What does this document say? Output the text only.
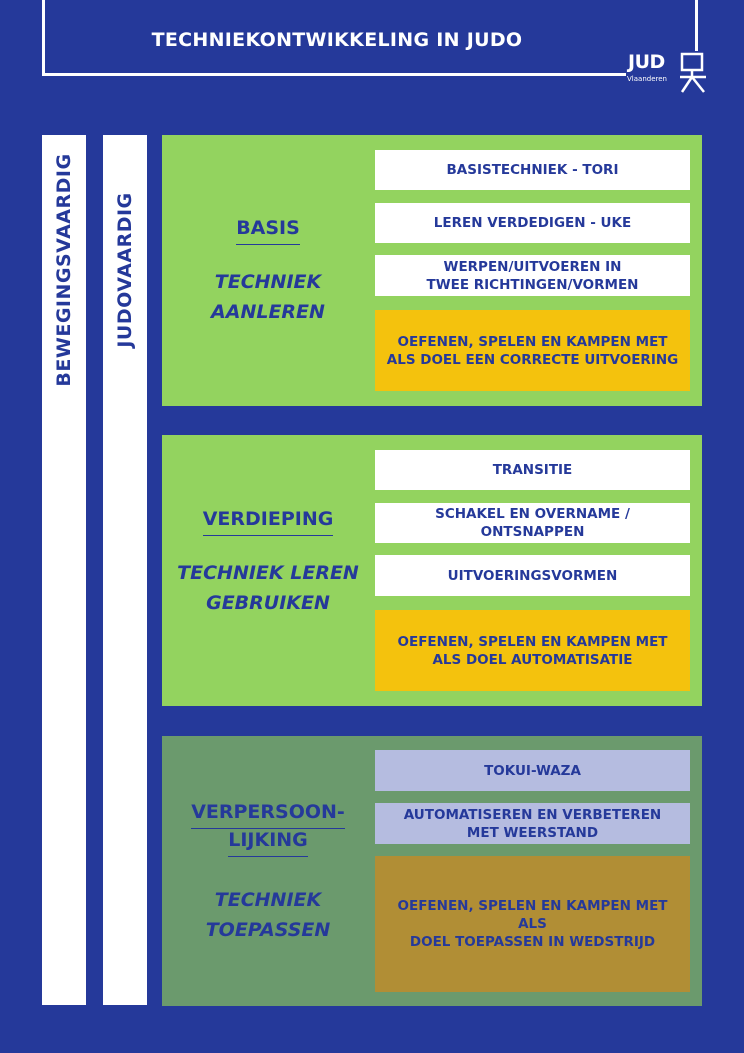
TECHNIEKONTWIKKELING IN JUDO
JUD
Vlaanderen
BEWEGINGSVAARDIG JUDOVAARDIG	BASIS
TECHNIEK
AANLEREN
BASISTECHNIEK - TORI
LEREN VERDEDIGEN - UKE
WERPEN/UITVOEREN IN
TWEE RICHTINGEN/VORMEN
OEFENEN, SPELEN EN KAMPEN MET
ALS DOEL EEN CORRECTE UITVOERING
VERDIEPING
TECHNIEK LEREN
GEBRUIKEN
TRANSITIE
SCHAKEL EN OVERNAME / ONTSNAPPEN
UITVOERINGSVORMEN
OEFENEN, SPELEN EN KAMPEN MET
ALS DOEL AUTOMATISATIE
VERPERSOON-
LIJKING
TECHNIEK
TOEPASSEN
TOKUI-WAZA
AUTOMATISEREN EN VERBETEREN
MET WEERSTAND
OEFENEN, SPELEN EN KAMPEN MET ALS
DOEL TOEPASSEN IN WEDSTRIJD
